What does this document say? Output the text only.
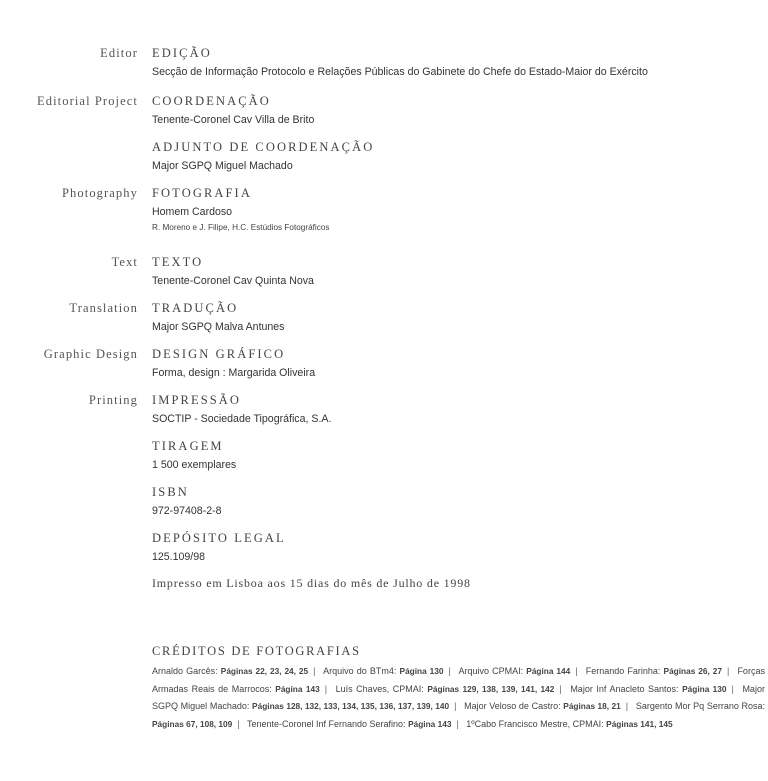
Editor EDIÇÃO
Secção de Informação Protocolo e Relações Públicas do Gabinete do Chefe do Estado-Maior do Exército
Editorial Project COORDENAÇÃO
Tenente-Coronel Cav Villa de Brito
ADJUNTO DE COORDENAÇÃO
Major SGPQ Miguel Machado
Photography FOTOGRAFIA
Homem Cardoso
R. Moreno e J. Filipe, H.C. Estúdios Fotográficos
Text TEXTO
Tenente-Coronel Cav Quinta Nova
Translation TRADUÇÃO
Major SGPQ Malva Antunes
Graphic Design DESIGN GRÁFICO
Forma, design : Margarida Oliveira
Printing IMPRESSÃO
SOCTIP - Sociedade Tipográfica, S.A.
TIRAGEM
1 500 exemplares
ISBN
972-97408-2-8
DEPÓSITO LEGAL
125.109/98
Impresso em Lisboa aos 15 dias do mês de Julho de 1998
CRÉDITOS DE FOTOGRAFIAS
Arnaldo Garcês: Páginas 22, 23, 24, 25 | Arquivo do BTm4: Página 130 | Arquivo CPMAI: Página 144 | Fernando Farinha: Páginas 26, 27 | Forças Armadas Reais de Marrocos: Página 143 | Luís Chaves, CPMAI: Páginas 129, 138, 139, 141, 142 | Major Inf Anacleto Santos: Página 130 | Major SGPQ Miguel Machado: Páginas 128, 132, 133, 134, 135, 136, 137, 139, 140 | Major Veloso de Castro: Páginas 18, 21 | Sargento Mor Pq Serrano Rosa: Páginas 67, 108, 109 | Tenente-Coronel Inf Fernando Serafino: Página 143 | 1ºCabo Francisco Mestre, CPMAI: Páginas 141, 145
